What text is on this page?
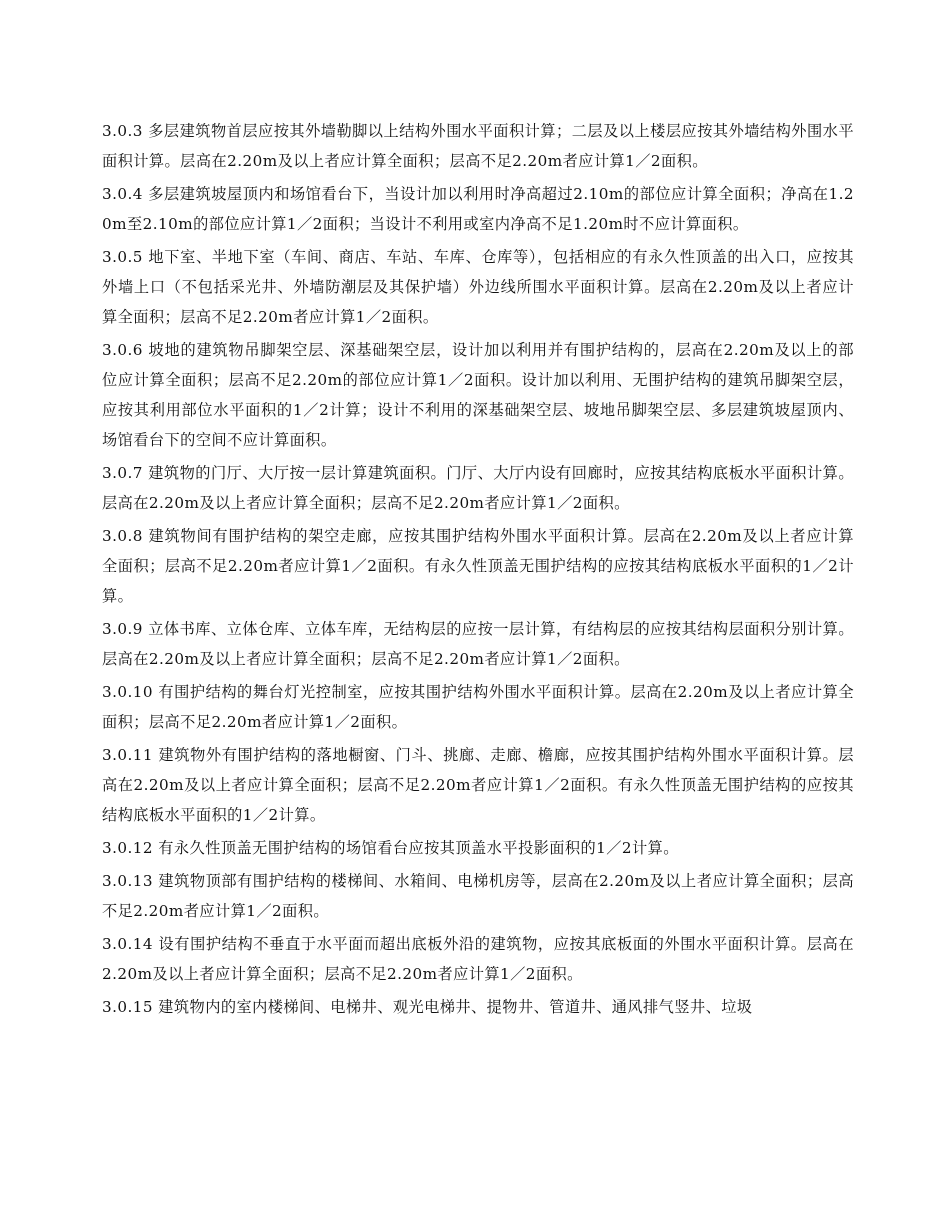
3.0.3 多层建筑物首层应按其外墙勒脚以上结构外围水平面积计算；二层及以上楼层应按其外墙结构外围水平面积计算。层高在2.20m及以上者应计算全面积；层高不足2.20m者应计算1／2面积。

3.0.4 多层建筑坡屋顶内和场馆看台下，当设计加以利用时净高超过2.10m的部位应计算全面积；净高在1.20m至2.10m的部位应计算1／2面积；当设计不利用或室内净高不足1.20m时不应计算面积。

3.0.5 地下室、半地下室（车间、商店、车站、车库、仓库等），包括相应的有永久性顶盖的出入口，应按其外墙上口（不包括采光井、外墙防潮层及其保护墙）外边线所围水平面积计算。层高在2.20m及以上者应计算全面积；层高不足2.20m者应计算1／2面积。

3.0.6 坡地的建筑物吊脚架空层、深基础架空层，设计加以利用并有围护结构的，层高在2.20m及以上的部位应计算全面积；层高不足2.20m的部位应计算1／2面积。设计加以利用、无围护结构的建筑吊脚架空层，应按其利用部位水平面积的1／2计算；设计不利用的深基础架空层、坡地吊脚架空层、多层建筑坡屋顶内、场馆看台下的空间不应计算面积。

3.0.7 建筑物的门厅、大厅按一层计算建筑面积。门厅、大厅内设有回廊时，应按其结构底板水平面积计算。层高在2.20m及以上者应计算全面积；层高不足2.20m者应计算1／2面积。

3.0.8 建筑物间有围护结构的架空走廊，应按其围护结构外围水平面积计算。层高在2.20m及以上者应计算全面积；层高不足2.20m者应计算1／2面积。有永久性顶盖无围护结构的应按其结构底板水平面积的1／2计算。

3.0.9 立体书库、立体仓库、立体车库，无结构层的应按一层计算，有结构层的应按其结构层面积分别计算。层高在2.20m及以上者应计算全面积；层高不足2.20m者应计算1／2面积。

3.0.10 有围护结构的舞台灯光控制室，应按其围护结构外围水平面积计算。层高在2.20m及以上者应计算全面积；层高不足2.20m者应计算1／2面积。

3.0.11 建筑物外有围护结构的落地橱窗、门斗、挑廊、走廊、檐廊，应按其围护结构外围水平面积计算。层高在2.20m及以上者应计算全面积；层高不足2.20m者应计算1／2面积。有永久性顶盖无围护结构的应按其结构底板水平面积的1／2计算。

3.0.12 有永久性顶盖无围护结构的场馆看台应按其顶盖水平投影面积的1／2计算。

3.0.13 建筑物顶部有围护结构的楼梯间、水箱间、电梯机房等，层高在2.20m及以上者应计算全面积；层高不足2.20m者应计算1／2面积。

3.0.14 设有围护结构不垂直于水平面而超出底板外沿的建筑物，应按其底板面的外围水平面积计算。层高在2.20m及以上者应计算全面积；层高不足2.20m者应计算1／2面积。

3.0.15 建筑物内的室内楼梯间、电梯井、观光电梯井、提物井、管道井、通风排气竖井、垃圾
